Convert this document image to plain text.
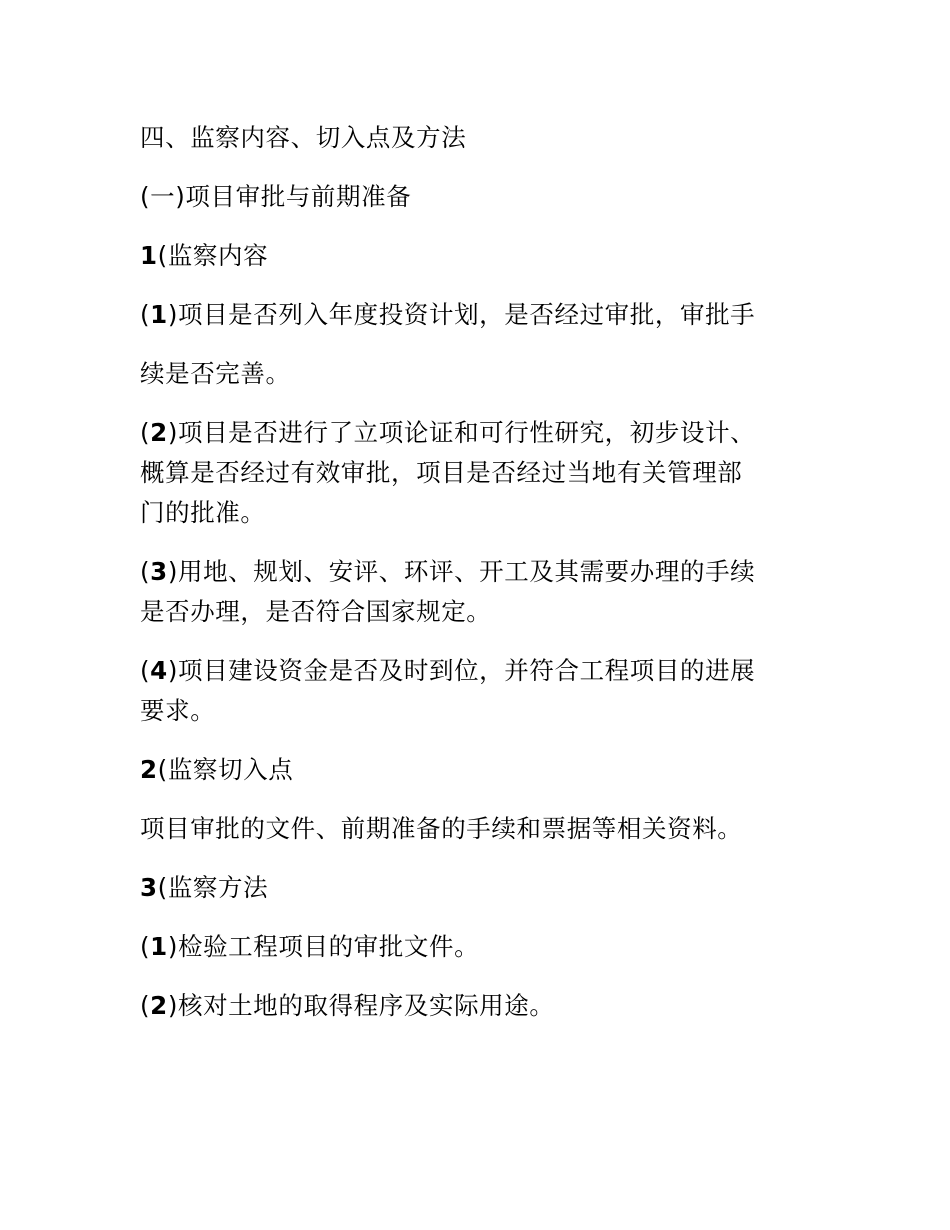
四、监察内容、切入点及方法

(一)项目审批与前期准备

1(监察内容

(1)项目是否列入年度投资计划，是否经过审批，审批手

续是否完善。

(2)项目是否进行了立项论证和可行性研究，初步设计、

概算是否经过有效审批，项目是否经过当地有关管理部

门的批准。

(3)用地、规划、安评、环评、开工及其需要办理的手续

是否办理，是否符合国家规定。

(4)项目建设资金是否及时到位，并符合工程项目的进展

要求。

2(监察切入点

项目审批的文件、前期准备的手续和票据等相关资料。

3(监察方法

(1)检验工程项目的审批文件。

(2)核对土地的取得程序及实际用途。
